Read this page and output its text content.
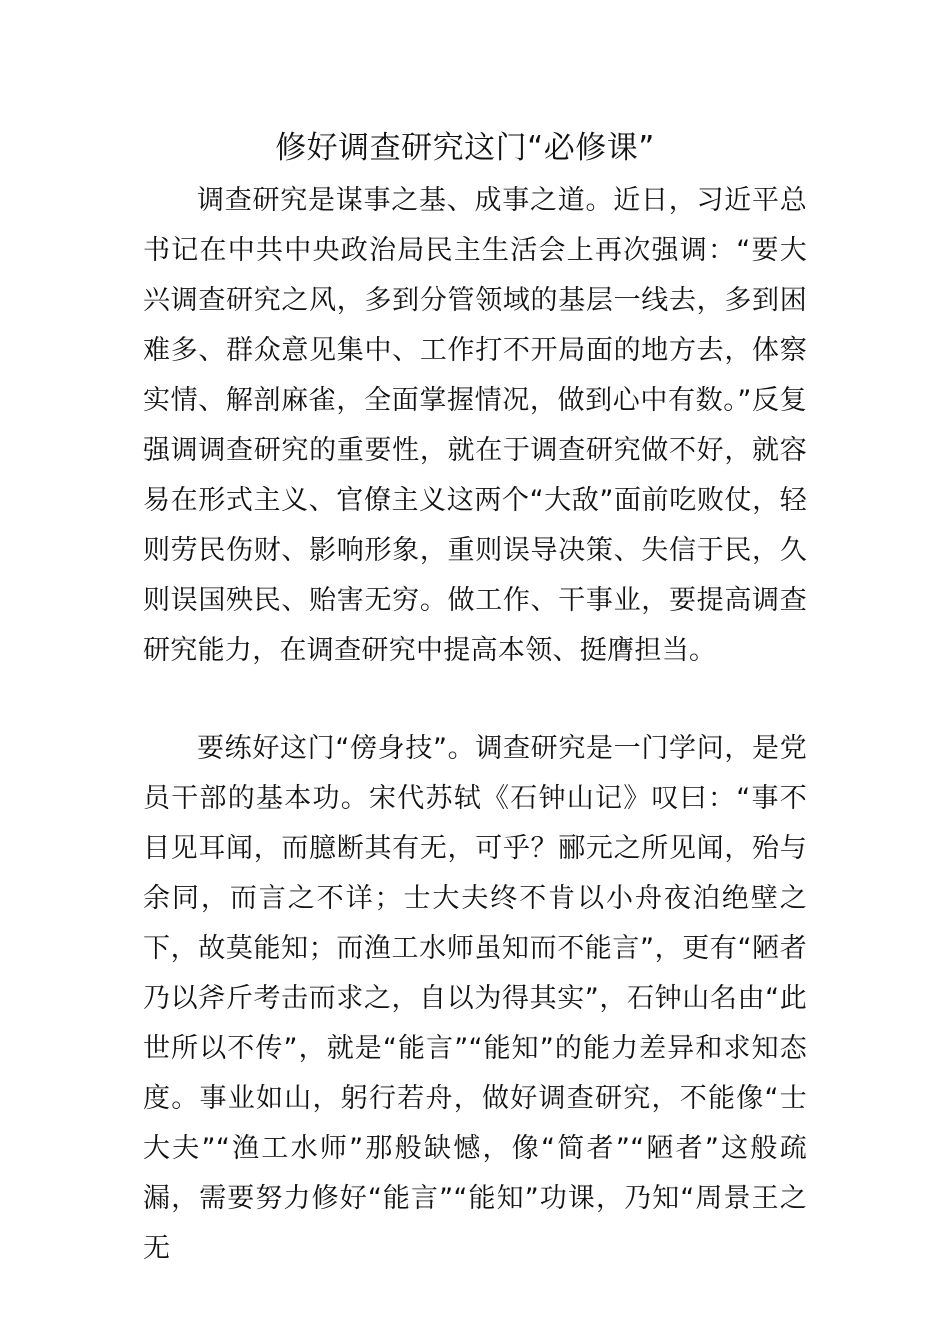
修好调查研究这门“必修课”

调查研究是谋事之基、成事之道。近日，习近平总书记在中共中央政治局民主生活会上再次强调：“要大兴调查研究之风，多到分管领域的基层一线去，多到困难多、群众意见集中、工作打不开局面的地方去，体察实情、解剖麻雀，全面掌握情况，做到心中有数。”反复强调调查研究的重要性，就在于调查研究做不好，就容易在形式主义、官僚主义这两个“大敌”面前吃败仗，轻则劳民伤财、影响形象，重则误导决策、失信于民，久则误国殃民、贻害无穷。做工作、干事业，要提高调查研究能力，在调查研究中提高本领、挺膺担当。

要练好这门“傍身技”。调查研究是一门学问，是党员干部的基本功。宋代苏轼《石钟山记》叹曰：“事不目见耳闻，而臆断其有无，可乎？郦元之所见闻，殆与余同，而言之不详；士大夫终不肯以小舟夜泊绝壁之下，故莫能知；而渔工水师虽知而不能言”，更有“陋者乃以斧斤考击而求之，自以为得其实”，石钟山名由“此世所以不传”，就是“能言”“能知”的能力差异和求知态度。事业如山，躬行若舟，做好调查研究，不能像“士大夫”“渔工水师”那般缺憾，像“简者”“陋者”这般疏漏，需要努力修好“能言”“能知”功课，乃知“周景王之无
